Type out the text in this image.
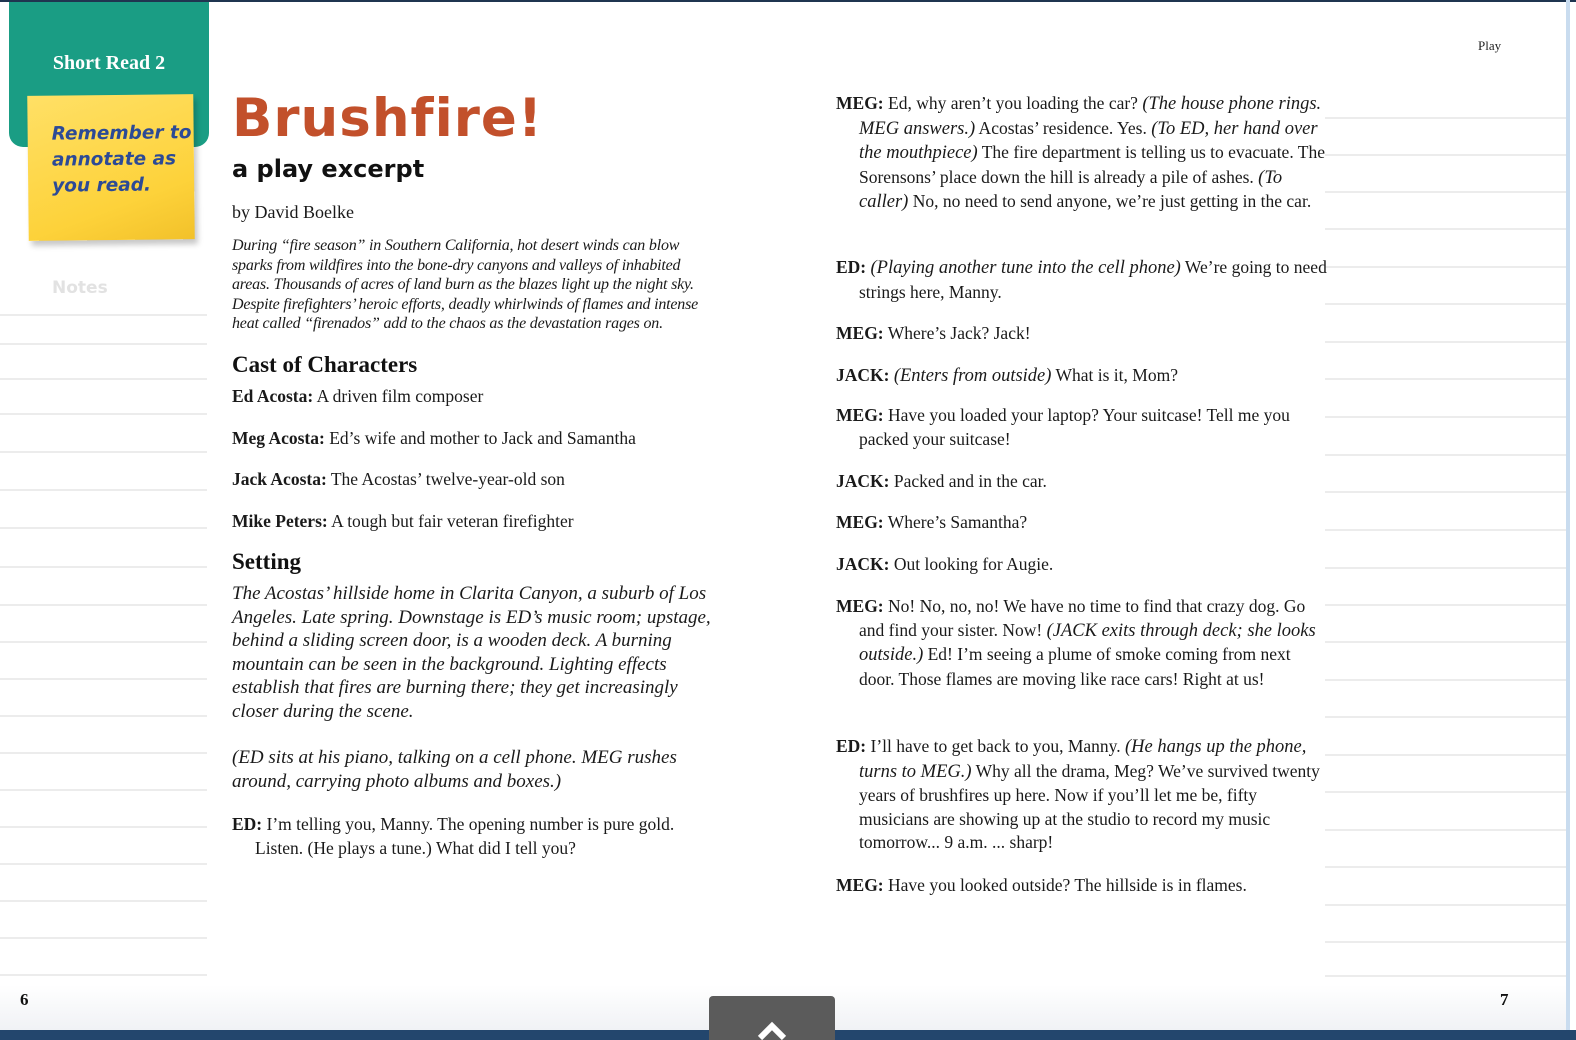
Notes
Short Read 2
Remember to annotate as you read.
Play
Brushfire!
a play excerpt
by David Boelke
During “fire season” in Southern California, hot desert winds can blow sparks from wildfires into the bone-dry canyons and valleys of inhabited areas. Thousands of acres of land burn as the blazes light up the night sky. Despite firefighters’ heroic efforts, deadly whirlwinds of flames and intense heat called “firenados” add to the chaos as the devastation rages on.
Cast of Characters
Ed Acosta: A driven film composer
Meg Acosta: Ed’s wife and mother to Jack and Samantha
Jack Acosta: The Acostas’ twelve-year-old son
Mike Peters: A tough but fair veteran firefighter
Setting
The Acostas’ hillside home in Clarita Canyon, a suburb of Los Angeles. Late spring. Downstage is ED’s music room; upstage, behind a sliding screen door, is a wooden deck. A burning mountain can be seen in the background. Lighting effects establish that fires are burning there; they get increasingly closer during the scene.
(ED sits at his piano, talking on a cell phone. MEG rushes around, carrying photo albums and boxes.)
ED: I’m telling you, Manny. The opening number is pure gold. Listen. (He plays a tune.) What did I tell you?
MEG: Ed, why aren’t you loading the car? (The house phone rings. MEG answers.) Acostas’ residence. Yes. (To ED, her hand over the mouthpiece) The fire department is telling us to evacuate. The Sorensons’ place down the hill is already a pile of ashes. (To caller) No, no need to send anyone, we’re just getting in the car.
ED: (Playing another tune into the cell phone) We’re going to need strings here, Manny.
MEG: Where’s Jack? Jack!
JACK: (Enters from outside) What is it, Mom?
MEG: Have you loaded your laptop? Your suitcase! Tell me you packed your suitcase!
JACK: Packed and in the car.
MEG: Where’s Samantha?
JACK: Out looking for Augie.
MEG: No! No, no, no! We have no time to find that crazy dog. Go and find your sister. Now! (JACK exits through deck; she looks outside.) Ed! I’m seeing a plume of smoke coming from next door. Those flames are moving like race cars! Right at us!
ED: I’ll have to get back to you, Manny. (He hangs up the phone, turns to MEG.) Why all the drama, Meg? We’ve survived twenty years of brushfires up here. Now if you’ll let me be, fifty musicians are showing up at the studio to record my music tomorrow... 9 a.m. ... sharp!
MEG: Have you looked outside? The hillside is in flames.
6	7
